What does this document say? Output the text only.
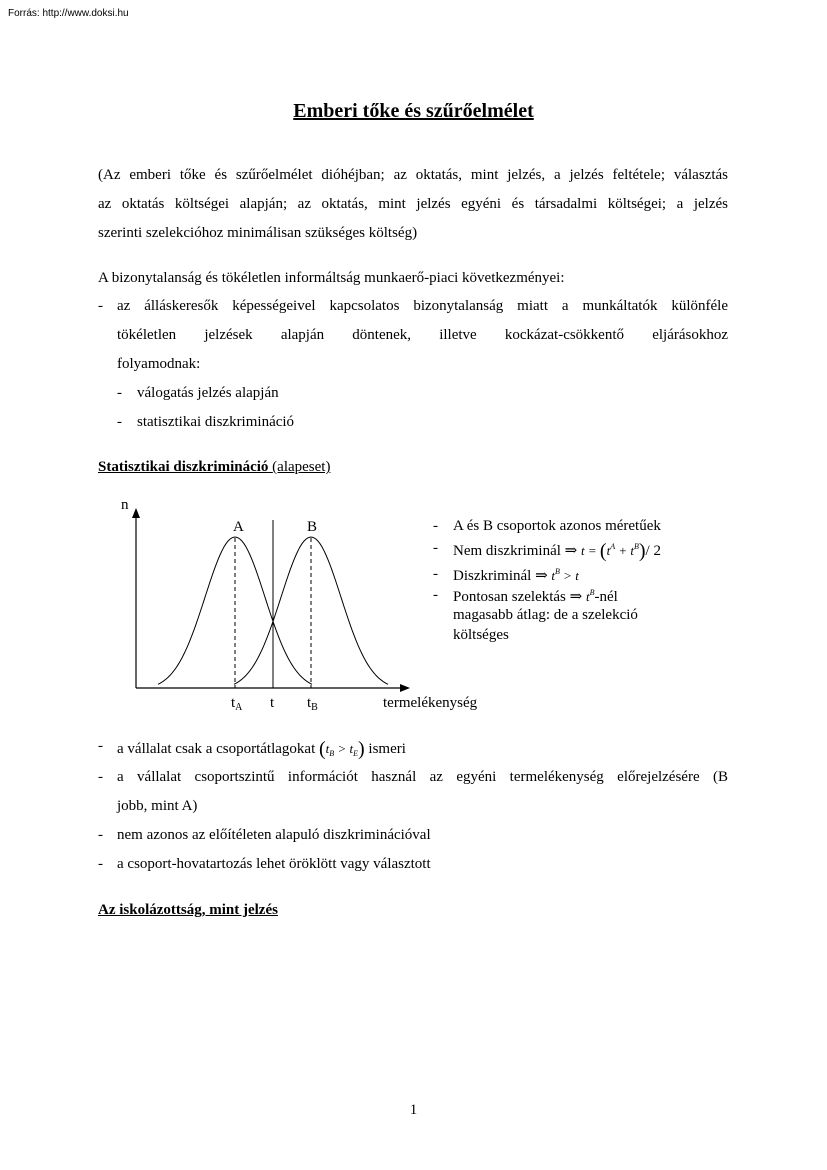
Forrás: http://www.doksi.hu
Emberi tőke és szűrőelmélet
(Az emberi tőke és szűrőelmélet dióhéjban; az oktatás, mint jelzés, a jelzés feltétele; választás
az oktatás költségei alapján; az oktatás, mint jelzés egyéni és társadalmi költségei; a jelzés
szerinti szelekcióhoz minimálisan szükséges költség)
A bizonytalanság és tökéletlen informáltság munkaerő-piaci következményei:
- az álláskeresők képességeivel kapcsolatos bizonytalanság miatt a munkáltatók különféle
tökéletlen jelzések alapján döntenek, illetve kockázat-csökkentő eljárásokhoz
folyamodnak:
- válogatás jelzés alapján
- statisztikai diszkrimináció
Statisztikai diszkrimináció (alapeset)
n
A	B
$t_A$ t $t_B$	termelékenység
- A és B csoportok azonos méretűek
- Nem diszkriminál ⇒ $t = (t^A + t^B)/$ 2
- Diszkriminál ⇒ $t^B > t$
- Pontosan szelektás ⇒ $t^B$-nél
magasabb átlag: de a szelekció
költséges
- a vállalat csak a csoportátlagokat $(t_B > t_E)$ ismeri
- a vállalat csoportszintű információt használ az egyéni termelékenység előrejelzésére (B
jobb, mint A)
- nem azonos az előítéleten alapuló diszkriminációval
- a csoport-hovatartozás lehet öröklött vagy választott
Az iskolázottság, mint jelzés
1
